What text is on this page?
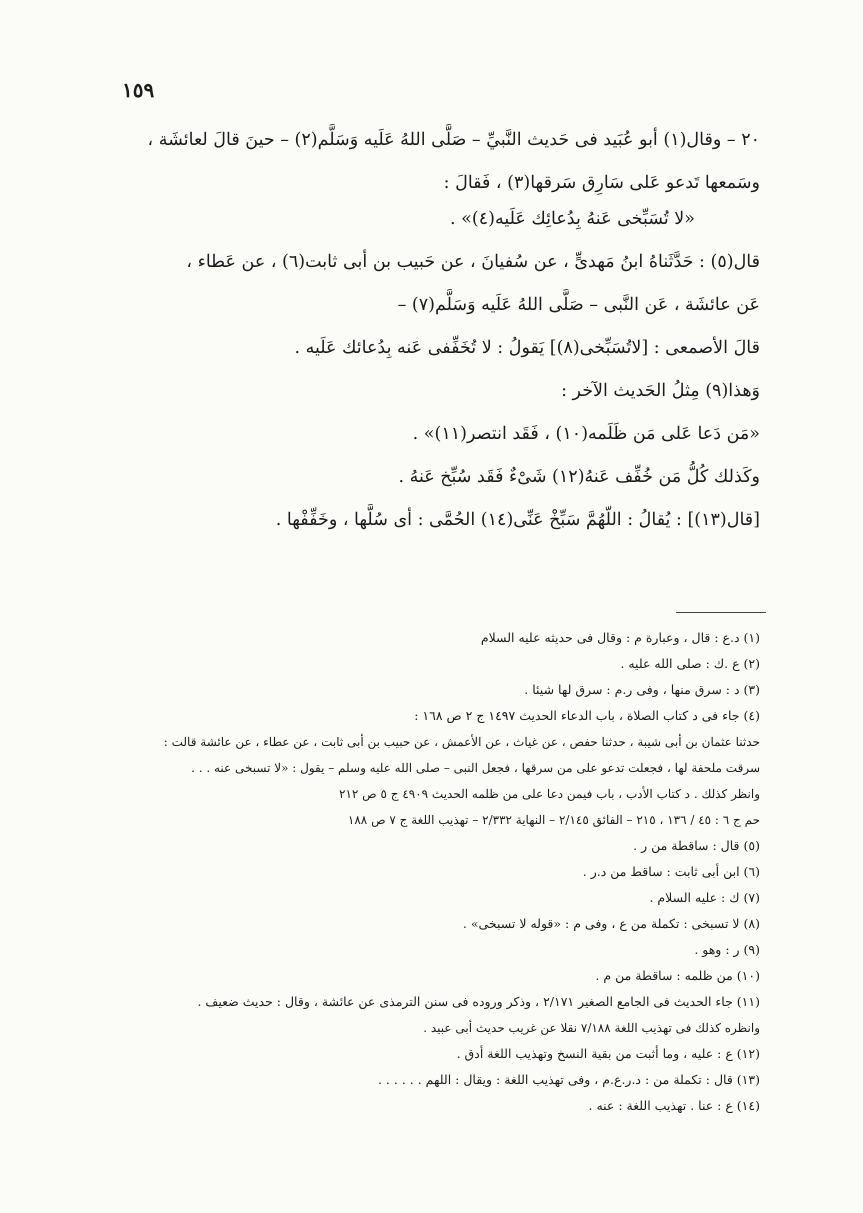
١٥٩
٢٠ – وقال(١) أبو عُبَيد فى حَديث النَّبيِّ – صَلَّى اللهُ عَلَيه وَسَلَّم(٢) – حينَ قالَ لعائشَة ،
وسَمعها تَدعو عَلى سَارِق سَرقها(٣) ، فَقالَ :
«لا تُسَبِّخى عَنهُ بِدُعائِك عَلَيه(٤)» .
قال(٥) : حَدَّثَناهُ ابنُ مَهدىٍّ ، عن سُفيانَ ، عن حَبيب بن أبى ثابت(٦) ، عن عَطاء ،
عَن عائشَة ، عَن النَّبى – صَلَّى اللهُ عَلَيه وَسَلَّم(٧) –
قالَ الأصمعى : [لاتُسَبِّخى(٨)] يَقولُ : لا تُخَفِّفى عَنه بِدُعائك عَلَيه .
وَهذا(٩) مِثلُ الحَديث الآخر :
«مَن دَعا عَلى مَن ظَلَمه(١٠) ، فَقَد انتصر(١١)» .
وكَذلك كُلُّ مَن خُفِّف عَنهُ(١٢) شَىْءٌ فَقَد سُبِّخ عَنهُ .
[قال(١٣)] : يُقالُ : اللّهُمَّ سَبِّخْ عَنِّى(١٤) الحُمَّى : أى سُلَّها ، وخَفِّفْها .
(١) د.ع : قال ، وعبارة م : وقال فى حديثه عليه السلام
(٢) ع .ك : صلى الله عليه .
(٣) د : سرق منها ، وفى ر.م : سرق لها شيئا .
(٤) جاء فى د كتاب الصلاة ، باب الدعاء الحديث ١٤٩٧ ج ٢ ص ١٦٨ :
حدثنا عثمان بن أبى شيبة ، حدثنا حفص ، عن غياث ، عن الأعمش ، عن حبيب بن أبى ثابت ، عن عطاء ، عن عائشة قالت :
سرقت ملحفة لها ، فجعلت تدعو على من سرقها ، فجعل النبى – صلى الله عليه وسلم – يقول : «لا تسبخى عنه . . .
وانظر كذلك . د كتاب الأدب ، باب فيمن دعا على من ظلمه الحديث ٤٩٠٩ ج ٥ ص ٢١٢
حم ج ٦ : ٤٥ / ١٣٦ ، ٢١٥ – الفائق ٢/١٤٥ – النهاية ٢/٣٣٢ – تهذيب اللغة ج ٧ ص ١٨٨
(٥) قال : ساقطة من ر .
(٦) ابن أبى ثابت : ساقط من د.ر .
(٧) ك : عليه السلام .
(٨) لا تسبخى : تكملة من ع ، وفى م : «قوله لا تسبخى» .
(٩) ر : وهو .
(١٠) من ظلمه : ساقطة من م .
(١١) جاء الحديث فى الجامع الصغير ٢/١٧١ ، وذكر وروده فى سنن الترمذى عن عائشة ، وقال : حديث ضعيف .
وانظره كذلك فى تهذيب اللغة ٧/١٨٨ نقلا عن غريب حديث أبى عبيد .
(١٢) ع : عليه ، وما أثبت من بقية النسخ وتهذيب اللغة أدق .
(١٣) قال : تكملة من : د.ر.ع.م ، وفى تهذيب اللغة : ويقال : اللهم . . . . . .
(١٤) ع : عنا . تهذيب اللغة : عنه .
